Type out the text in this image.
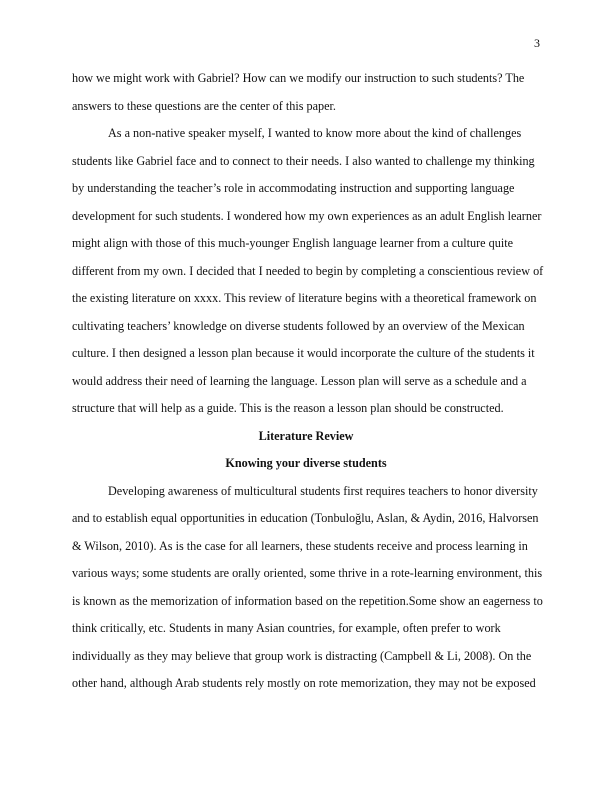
3
how we might work with Gabriel? How can we modify our instruction to such students? The
answers to these questions are the center of this paper.
As a non-native speaker myself, I wanted to know more about the kind of challenges
students like Gabriel face and to connect to their needs. I also wanted to challenge my thinking
by understanding the teacher’s role in accommodating instruction and supporting language
development for such students. I wondered how my own experiences as an adult English learner
might align with those of this much-younger English language learner from a culture quite
different from my own. I decided that I needed to begin by completing a conscientious review of
the existing literature on xxxx. This review of literature begins with a theoretical framework on
cultivating teachers’ knowledge on diverse students followed by an overview of the Mexican
culture. I then designed a lesson plan because it would incorporate the culture of the students it
would address their need of learning the language. Lesson plan will serve as a schedule and a
structure that will help as a guide. This is the reason a lesson plan should be constructed.
Literature Review
Knowing your diverse students
Developing awareness of multicultural students first requires teachers to honor diversity
and to establish equal opportunities in education (Tonbuloğlu, Aslan, & Aydin, 2016, Halvorsen
& Wilson, 2010). As is the case for all learners, these students receive and process learning in
various ways; some students are orally oriented, some thrive in a rote-learning environment, this
is known as the memorization of information based on the repetition.Some show an eagerness to
think critically, etc. Students in many Asian countries, for example, often prefer to work
individually as they may believe that group work is distracting (Campbell & Li, 2008). On the
other hand, although Arab students rely mostly on rote memorization, they may not be exposed
